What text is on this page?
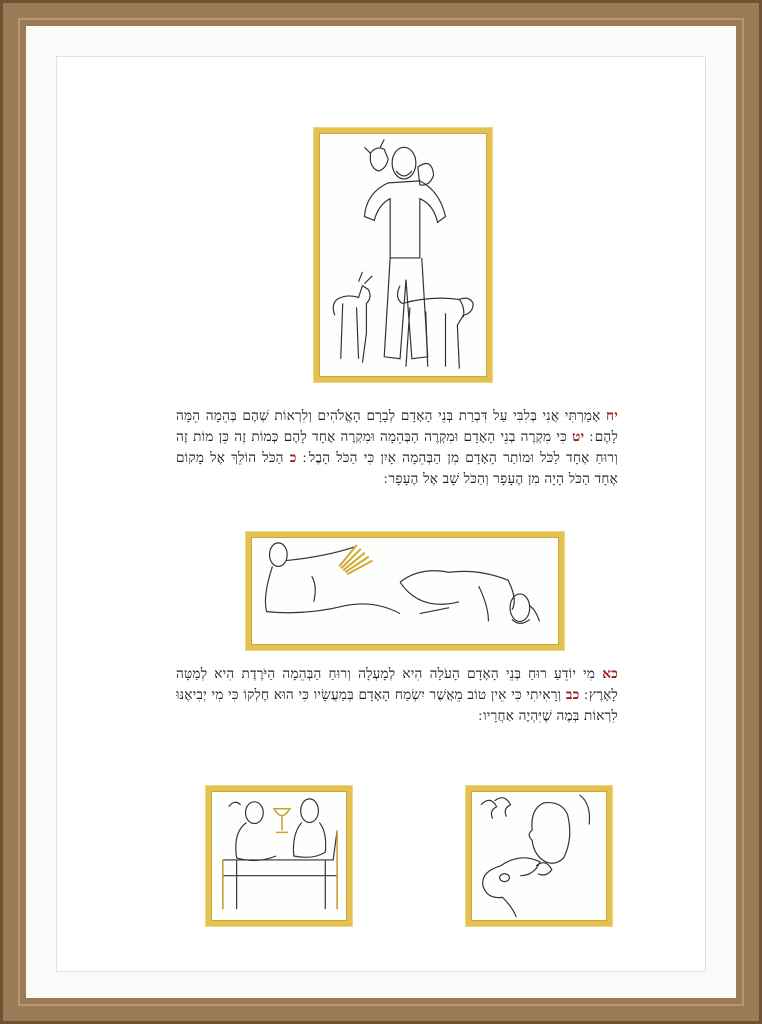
יח אָמַרְתִּי אֲנִי בְּלִבִּי עַל דִּבְרַת בְּנֵי הָאָדָם לְבָרָם הָאֱלֹהִים וְלִרְאוֹת שְׁהֶם בְּהֵמָה הֵמָּה לָהֶם ׃ יט כִּי מִקְרֶה בְנֵי הָאָדָם וּמִקְרֶה הַבְּהֵמָה וּמִקְרֶה אֶחָד לָהֶם כְּמוֹת זֶה כֵּן מוֹת זֶה וְרוּחַ אֶחָד לַכֹּל וּמוֹתַר הָאָדָם מִן הַבְּהֵמָה אָיִן כִּי הַכֹּל הָבֶל ׃ כ הַכֹּל הוֹלֵךְ אֶל מָקוֹם אֶחָד הַכֹּל הָיָה מִן הֶעָפָר וְהַכֹּל שָׁב אֶל הֶעָפָר ׃
כא מִי יוֹדֵעַ רוּחַ בְּנֵי הָאָדָם הָעֹלָה הִיא לְמָעְלָה וְרוּחַ הַבְּהֵמָה הַיֹּרֶדֶת הִיא לְמַטָּה לָאָרֶץ ׃ כב וְרָאִיתִי כִּי אֵין טוֹב מֵאֲשֶׁר יִשְׂמַח הָאָדָם בְּמַעֲשָׂיו כִּי הוּא חֶלְקוֹ כִּי מִי יְבִיאֶנּוּ לִרְאוֹת בְּמֶה שֶׁיִּהְיֶה אַחֲרָיו ׃
